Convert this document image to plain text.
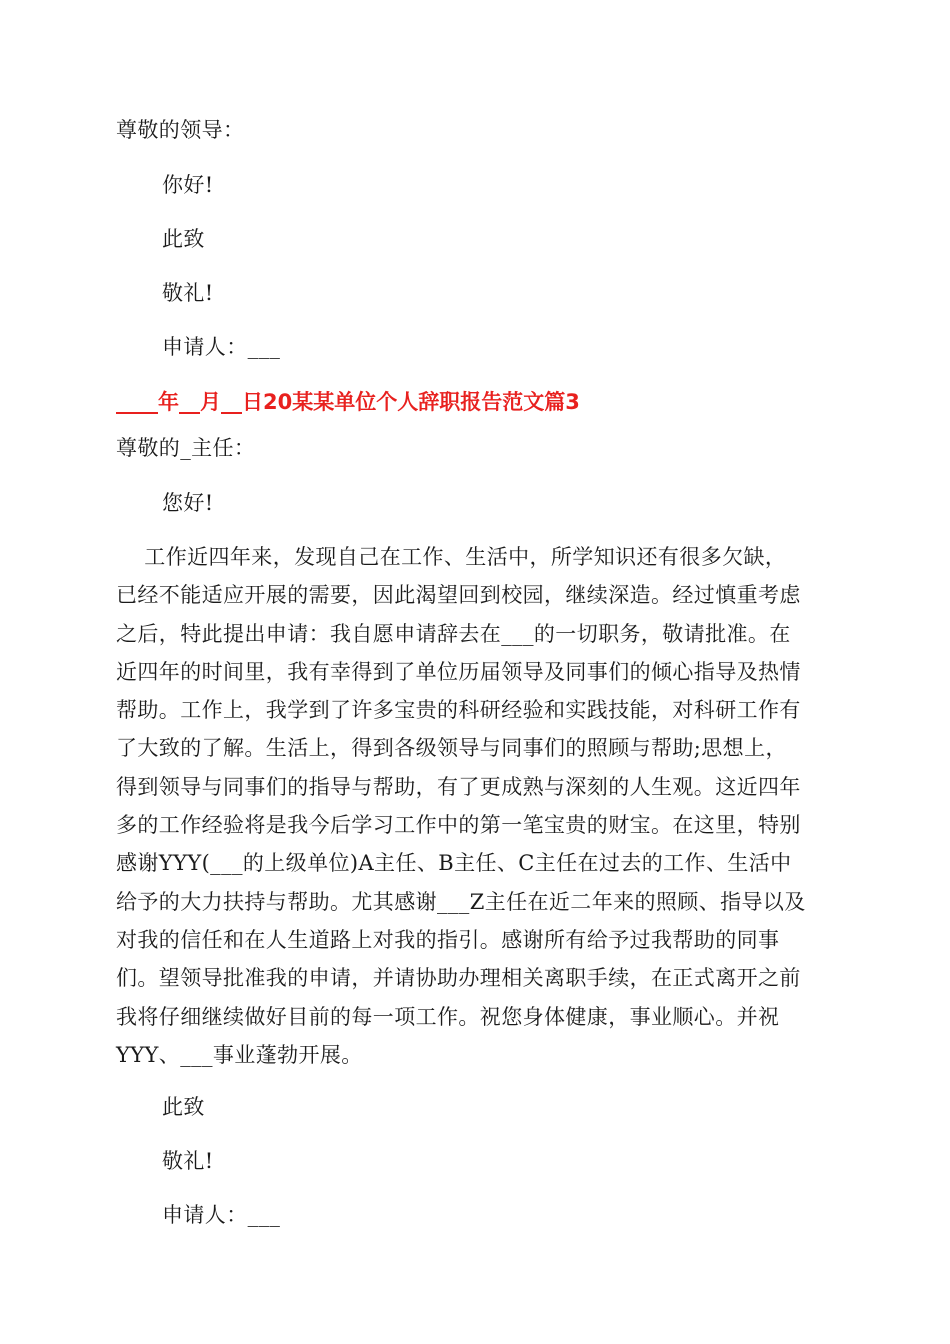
尊敬的领导：
你好!
此致
敬礼!
申请人：___
____年__月__日20某某单位个人辞职报告范文篇3
尊敬的_主任：
您好!
工作近四年来，发现自己在工作、生活中，所学知识还有很多欠缺，
已经不能适应开展的需要，因此渴望回到校园，继续深造。经过慎重考虑
之后，特此提出申请：我自愿申请辞去在___的一切职务，敬请批准。在
近四年的时间里，我有幸得到了单位历届领导及同事们的倾心指导及热情
帮助。工作上，我学到了许多宝贵的科研经验和实践技能，对科研工作有
了大致的了解。生活上，得到各级领导与同事们的照顾与帮助;思想上，
得到领导与同事们的指导与帮助，有了更成熟与深刻的人生观。这近四年
多的工作经验将是我今后学习工作中的第一笔宝贵的财宝。在这里，特别
感谢YYY(___的上级单位)A主任、B主任、C主任在过去的工作、生活中
给予的大力扶持与帮助。尤其感谢___Z主任在近二年来的照顾、指导以及
对我的信任和在人生道路上对我的指引。感谢所有给予过我帮助的同事
们。望领导批准我的申请，并请协助办理相关离职手续，在正式离开之前
我将仔细继续做好目前的每一项工作。祝您身体健康，事业顺心。并祝
YYY、___事业蓬勃开展。
此致
敬礼!
申请人：___
